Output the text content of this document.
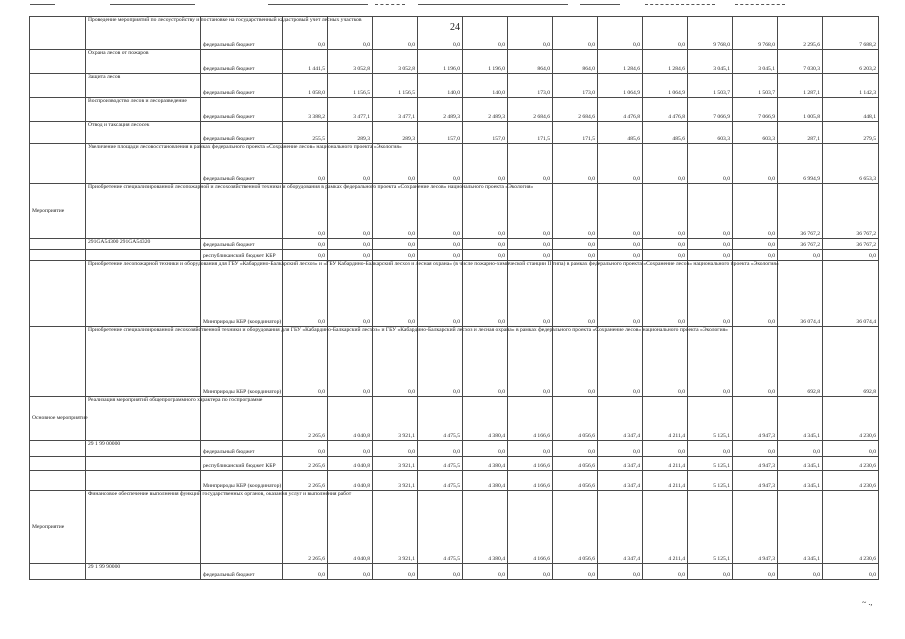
24
	Проведение мероприятий по лесоустройству и постановке на государственный кадастровый учет лесных участков	федеральный бюджет	0,0	0,0	0,0	0,0	0,0	0,0	0,0	0,0	0,0	9 768,0	9 768,0	2 295,6	7 688,2	
	Охрана лесов от пожаров	федеральный бюджет	1 441,5	3 052,8	3 052,8	1 196,0	1 196,0	864,0	864,0	1 284,6	1 284,6	3 045,1	3 045,1	7 030,3	6 203,2	
	Защита лесов	федеральный бюджет	1 058,0	1 156,5	1 156,5	140,0	140,0	173,0	173,0	1 064,9	1 064,9	1 503,7	1 503,7	1 287,1	1 142,3	
	Воспроизводство лесов и лесоразведение	федеральный бюджет	3 388,2	3 477,1	3 477,1	2 489,3	2 489,3	2 684,6	2 684,6	4 476,8	4 476,8	7 066,9	7 066,9	1 005,8	448,1	
	Отвод и таксация лесосек	федеральный бюджет	255,5	289,3	289,3	157,0	157,0	171,5	171,5	485,6	485,6	603,3	603,3	287,1	279,5	
	Увеличение площади лесовосстановления в рамках федерального проекта «Сохранение лесов» национального проекта «Экология»	федеральный бюджет	0,0	0,0	0,0	0,0	0,0	0,0	0,0	0,0	0,0	0,0	0,0	6 994,9	6 653,3	
Мероприятие	Приобретение специализированной лесопожарной и лесохозяйственной техники и оборудования в рамках федерального проекта «Сохранение лесов» национального проекта «Экология»		0,0	0,0	0,0	0,0	0,0	0,0	0,0	0,0	0,0	0,0	0,0	36 767,2	36 767,2	
	291GA54300 291GA54320	федеральный бюджет	0,0	0,0	0,0	0,0	0,0	0,0	0,0	0,0	0,0	0,0	0,0	36 767,2	36 767,2	
		республиканский бюджет КБР	0,0	0,0	0,0	0,0	0,0	0,0	0,0	0,0	0,0	0,0	0,0	0,0	0,0	
	Приобретение лесопожарной техники и оборудования для ГБУ «Кабардино-Балкарский лесхоз» и «ГБУ Кабардино-Балкарский лесхоз и лесная охрана» (в числе пожарно-химической станции II типа) в рамках федерального проекта «Сохранение лесов» национального проекта «Экология»	Минприроды КБР (координатор)	0,0	0,0	0,0	0,0	0,0	0,0	0,0	0,0	0,0	0,0	0,0	36 074,4	36 074,4	
	Приобретение специализированной лесохозяйственной техники и оборудования для ГБУ «Кабардино-Балкарский лесхоз» и ГБУ «Кабардино-Балкарский лесхоз и лесная охрана» в рамках федерального проекта «Сохранение лесов» национального проекта «Экология»	Минприроды КБР (координатор)	0,0	0,0	0,0	0,0	0,0	0,0	0,0	0,0	0,0	0,0	0,0	692,8	692,8	
Основное мероприятие	Реализация мероприятий общепрограммного характера по госпрограмме		2 265,6	4 040,8	3 921,1	4 475,5	4 380,4	4 166,6	4 056,6	4 347,4	4 211,4	5 125,1	4 947,3	4 345,1	4 230,6	
	29 1 99 00000	федеральный бюджет	0,0	0,0	0,0	0,0	0,0	0,0	0,0	0,0	0,0	0,0	0,0	0,0	0,0	
		республиканский бюджет КБР	2 265,6	4 040,8	3 921,1	4 475,5	4 380,4	4 166,6	4 056,6	4 347,4	4 211,4	5 125,1	4 947,3	4 345,1	4 230,6	
		Минприроды КБР (координатор)	2 265,6	4 040,8	3 921,1	4 475,5	4 380,4	4 166,6	4 056,6	4 347,4	4 211,4	5 125,1	4 947,3	4 345,1	4 230,6	
Мероприятие	Финансовое обеспечение выполнения функций государственных органов, оказания услуг и выполнения работ		2 265,6	4 040,8	3 921,1	4 475,5	4 380,4	4 166,6	4 056,6	4 347,4	4 211,4	5 125,1	4 947,3	4 345,1	4 230,6	
	29 1 99 90000	федеральный бюджет	0,0	0,0	0,0	0,0	0,0	0,0	0,0	0,0	0,0	0,0	0,0	0,0	0,0	
~ .,
